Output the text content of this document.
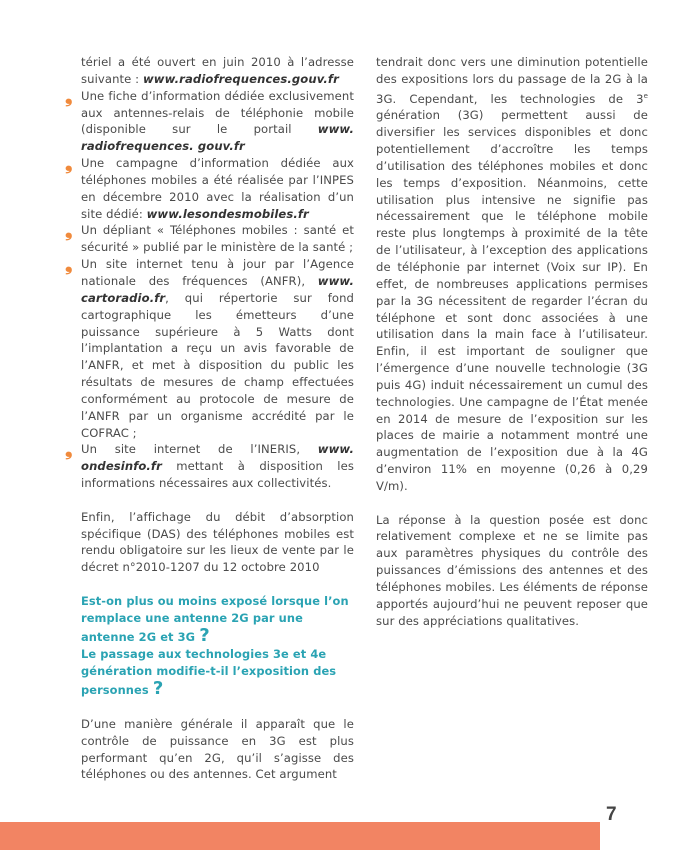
tériel a été ouvert en juin 2010 à l’adresse suivante : www.radiofrequences.gouv.fr

❟ Une fiche d’information dédiée exclusivement aux antennes-relais de téléphonie mobile (disponible sur le portail www. radiofrequences. gouv.fr

❟ Une campagne d’information dédiée aux téléphones mobiles a été réalisée par l’INPES en décembre 2010 avec la réalisation d’un site dédié: www.lesondesmobiles.fr

❟ Un dépliant « Téléphones mobiles : santé et sécurité » publié par le ministère de la santé ;

❟ Un site internet tenu à jour par l’Agence nationale des fréquences (ANFR), www. cartoradio.fr, qui répertorie sur fond cartographique les émetteurs d’une puissance supérieure à 5 Watts dont l’implantation a reçu un avis favorable de l’ANFR, et met à disposition du public les résultats de mesures de champ effectuées conformément au protocole de mesure de l’ANFR par un organisme accrédité par le COFRAC ;

❟ Un site internet de l’INERIS, www. ondesinfo.fr mettant à disposition les informations nécessaires aux collectivités.

Enfin, l’affichage du débit d’absorption spécifique (DAS) des téléphones mobiles est rendu obligatoire sur les lieux de vente par le décret n°2010-1207 du 12 octobre 2010

Est-on plus ou moins exposé lorsque l’on remplace une antenne 2G par une antenne 2G et 3G ?

Le passage aux technologies 3e et 4e génération modifie-t-il l’exposition des personnes ?

D’une manière générale il apparaît que le contrôle de puissance en 3G est plus performant qu’en 2G, qu’il s’agisse des téléphones ou des antennes. Cet argument

tendrait donc vers une diminution potentielle des expositions lors du passage de la 2G à la 3G. Cependant, les technologies de 3e génération (3G) permettent aussi de diversifier les services disponibles et donc potentiellement d’accroître les temps d’utilisation des téléphones mobiles et donc les temps d’exposition. Néanmoins, cette utilisation plus intensive ne signifie pas nécessairement que le téléphone mobile reste plus longtemps à proximité de la tête de l’utilisateur, à l’exception des applications de téléphonie par internet (Voix sur IP). En effet, de nombreuses applications permises par la 3G nécessitent de regarder l’écran du téléphone et sont donc associées à une utilisation dans la main face à l’utilisateur. Enfin, il est important de souligner que l’émergence d’une nouvelle technologie (3G puis 4G) induit nécessairement un cumul des technologies. Une campagne de l’État menée en 2014 de mesure de l’exposition sur les places de mairie a notamment montré une augmentation de l’exposition due à la 4G d’environ 11% en moyenne (0,26 à 0,29 V/m).

La réponse à la question posée est donc relativement complexe et ne se limite pas aux paramètres physiques du contrôle des puissances d’émissions des antennes et des téléphones mobiles. Les éléments de réponse apportés aujourd’hui ne peuvent reposer que sur des appréciations qualitatives.

7
